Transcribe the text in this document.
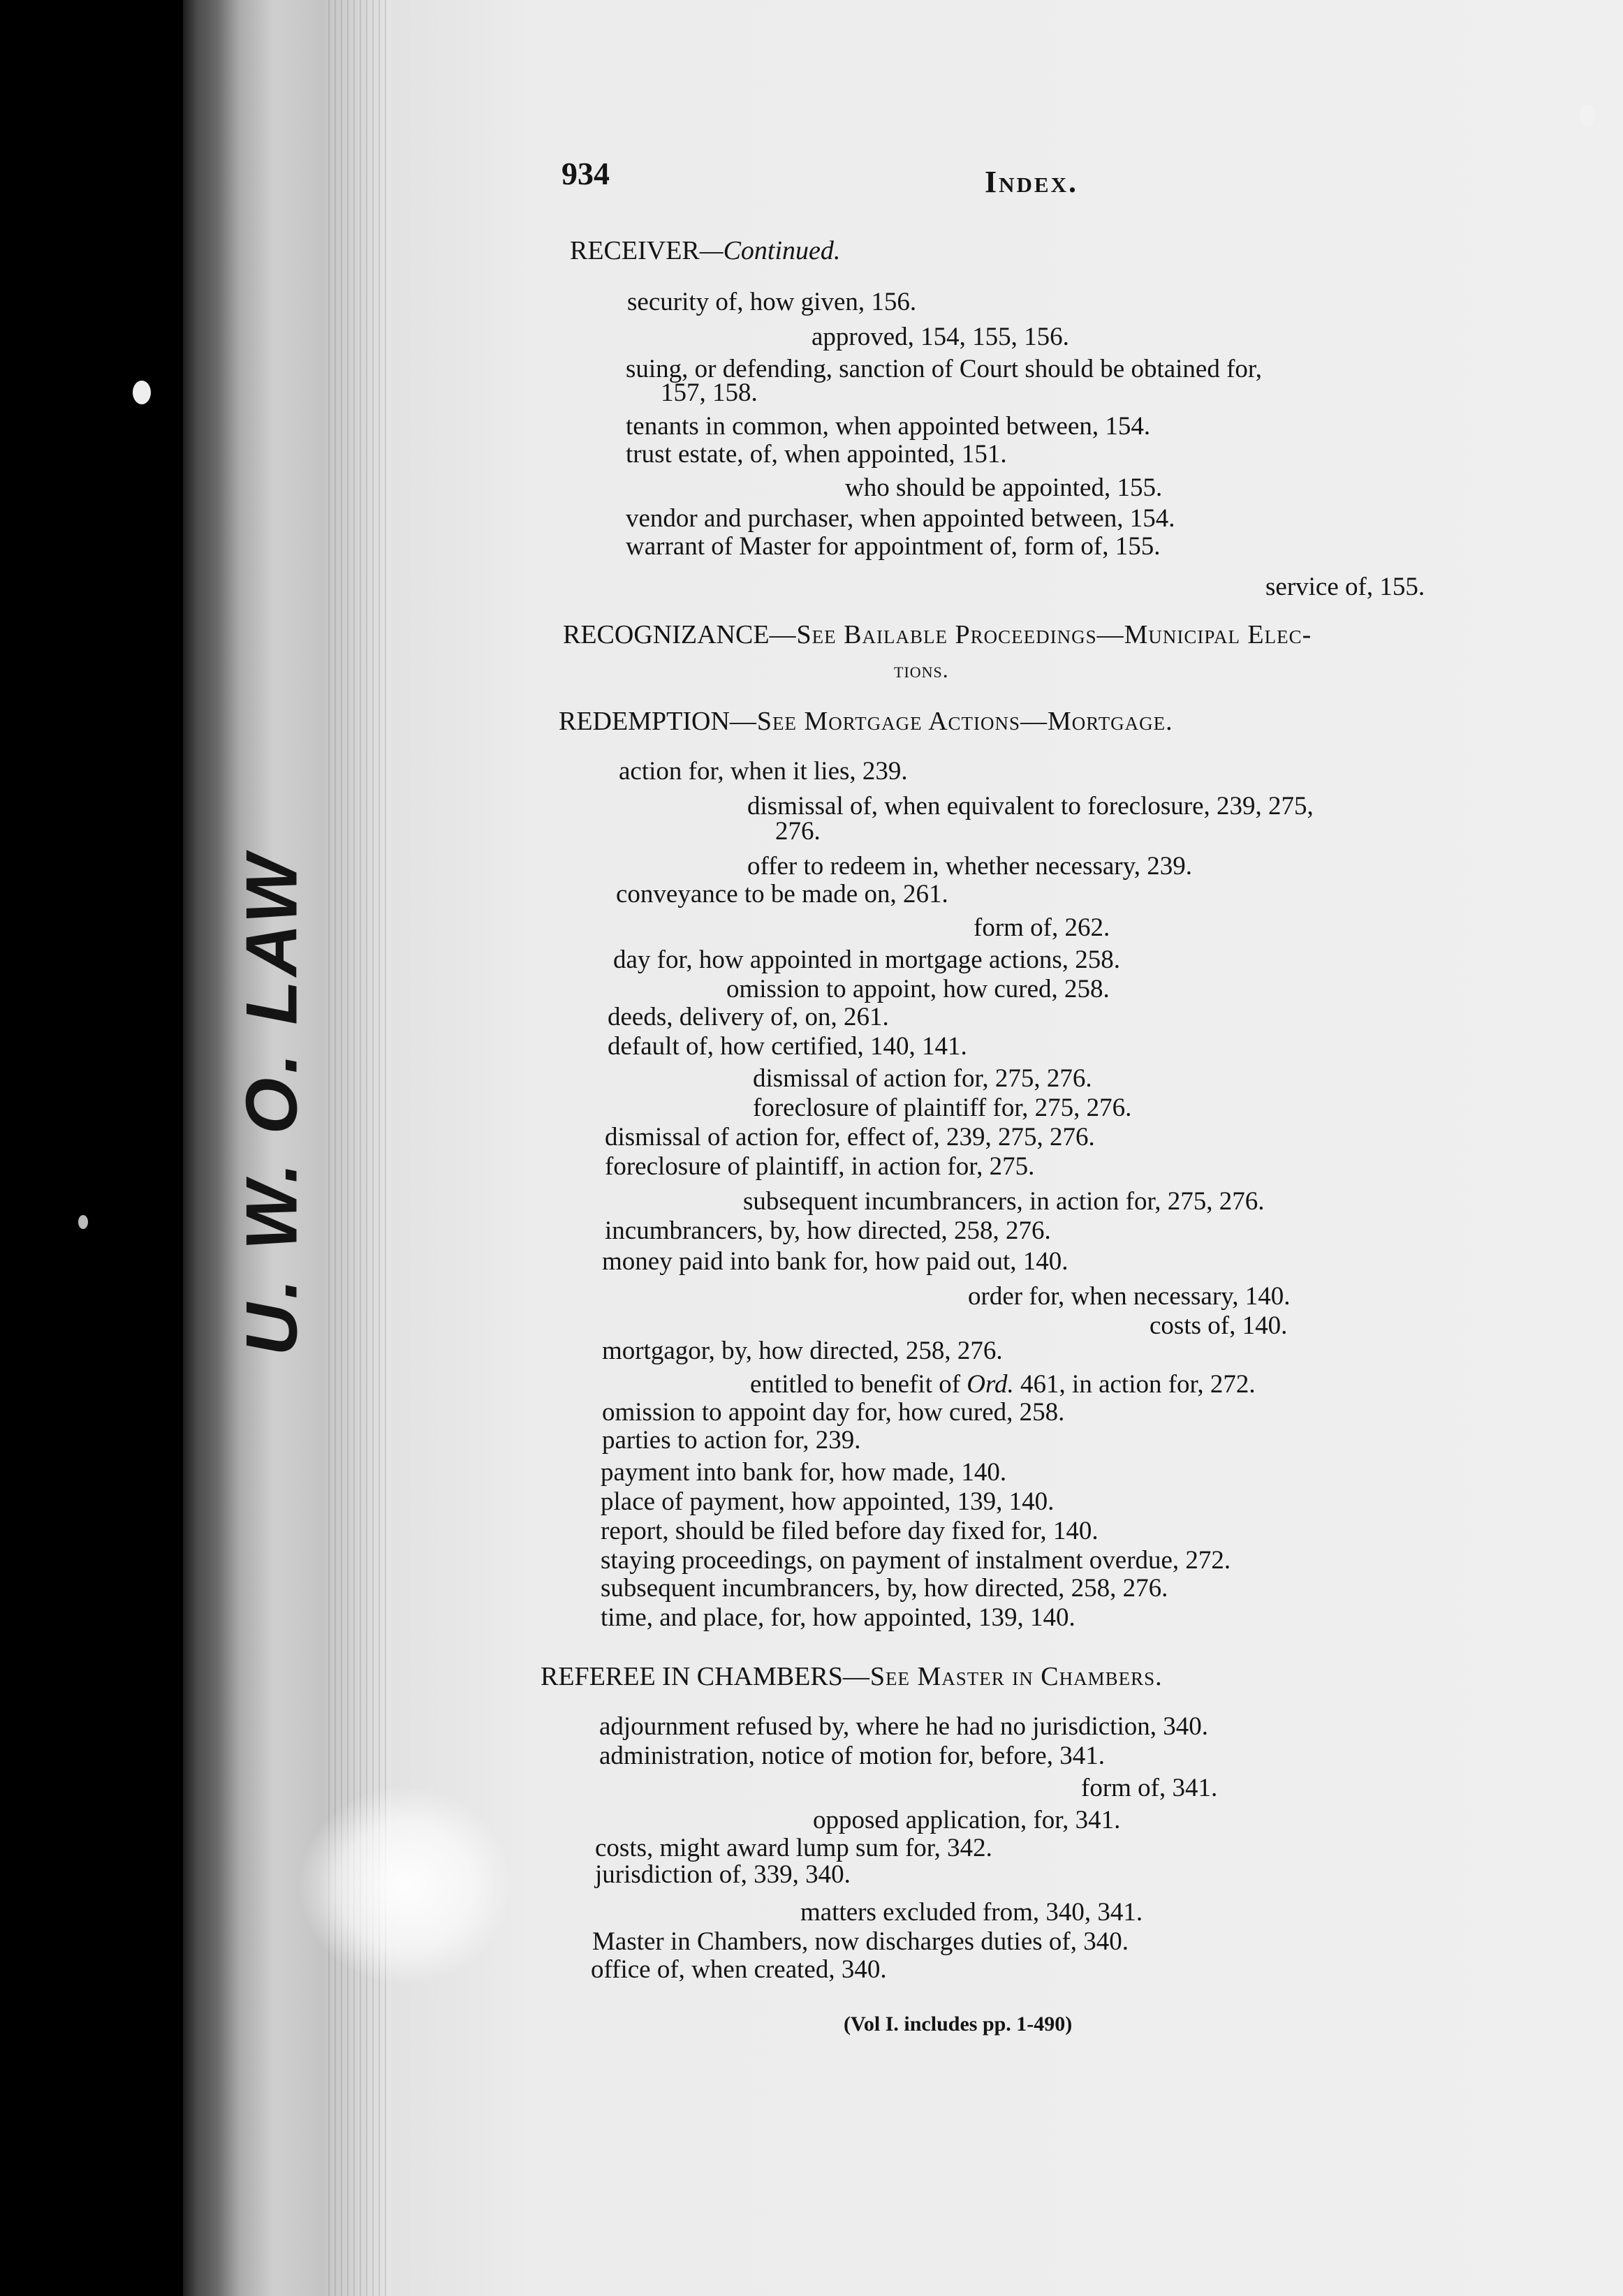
U. W. O. LAW
934	Index.
RECEIVER—Continued.
security of, how given, 156.
approved, 154, 155, 156.
suing, or defending, sanction of Court should be obtained for,
157, 158.
tenants in common, when appointed between, 154.
trust estate, of, when appointed, 151.
who should be appointed, 155.
vendor and purchaser, when appointed between, 154.
warrant of Master for appointment of, form of, 155.
service of, 155.
RECOGNIZANCE—See Bailable Proceedings—Municipal Elec-
tions.
REDEMPTION—See Mortgage Actions—Mortgage.
action for, when it lies, 239.
dismissal of, when equivalent to foreclosure, 239, 275,
276.
offer to redeem in, whether necessary, 239.
conveyance to be made on, 261.
form of, 262.
day for, how appointed in mortgage actions, 258.
omission to appoint, how cured, 258.
deeds, delivery of, on, 261.
default of, how certified, 140, 141.
dismissal of action for, 275, 276.
foreclosure of plaintiff for, 275, 276.
dismissal of action for, effect of, 239, 275, 276.
foreclosure of plaintiff, in action for, 275.
subsequent incumbrancers, in action for, 275, 276.
incumbrancers, by, how directed, 258, 276.
money paid into bank for, how paid out, 140.
order for, when necessary, 140.
costs of, 140.
mortgagor, by, how directed, 258, 276.
entitled to benefit of Ord. 461, in action for, 272.
omission to appoint day for, how cured, 258.
parties to action for, 239.
payment into bank for, how made, 140.
place of payment, how appointed, 139, 140.
report, should be filed before day fixed for, 140.
staying proceedings, on payment of instalment overdue, 272.
subsequent incumbrancers, by, how directed, 258, 276.
time, and place, for, how appointed, 139, 140.
REFEREE IN CHAMBERS—See Master in Chambers.
adjournment refused by, where he had no jurisdiction, 340.
administration, notice of motion for, before, 341.
form of, 341.
opposed application, for, 341.
costs, might award lump sum for, 342.
jurisdiction of, 339, 340.
matters excluded from, 340, 341.
Master in Chambers, now discharges duties of, 340.
office of, when created, 340.
(Vol I. includes pp. 1-490)
